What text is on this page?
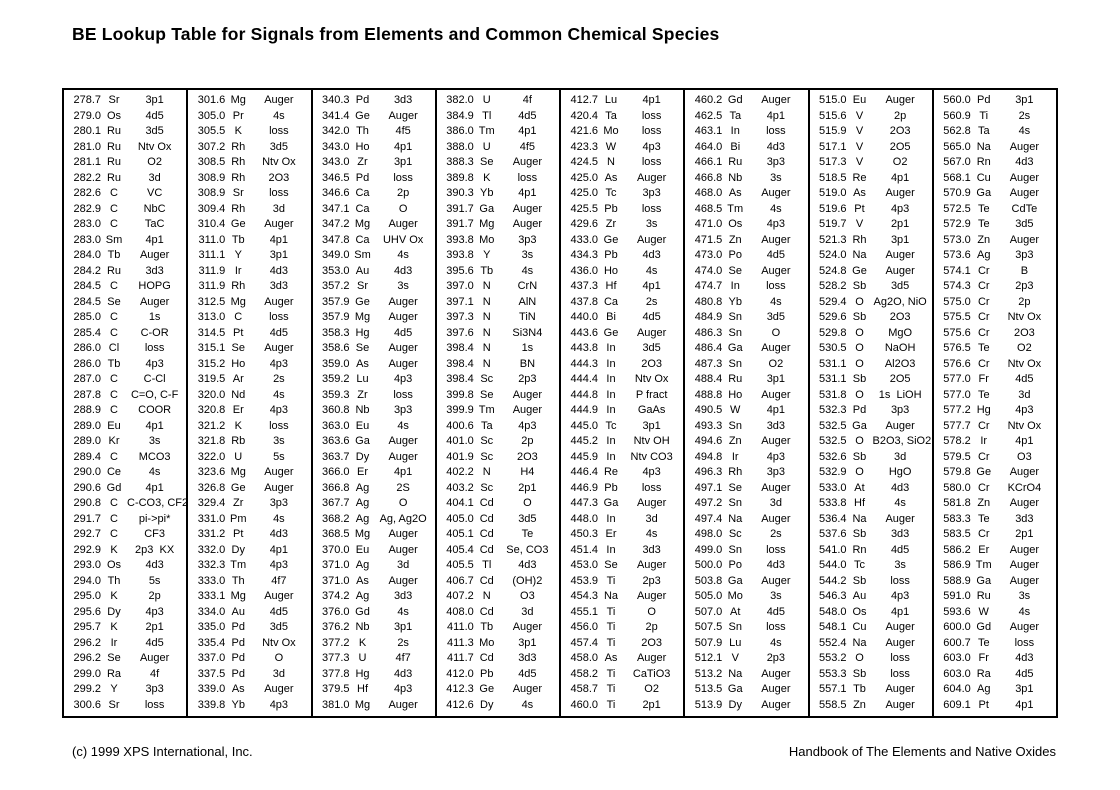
BE Lookup Table for Signals from Elements and Common Chemical Species
278.7 Sr	3p1
279.0 Os	4d5
280.1 Ru	3d5
281.0 Ru	Ntv Ox
281.1 Ru	O2
282.2 Ru	3d
282.6 C	VC
282.9 C	NbC
283.0 C	TaC
283.0 Sm	4p1
284.0 Tb	Auger
284.2 Ru	3d3
284.5 C	HOPG
284.5 Se	Auger
285.0 C	1s
285.4 C	C-OR
286.0 Cl	loss
286.0 Tb	4p3
287.0 C	C-Cl
287.8 C	C=O, C-F
288.9 C	COOR
289.0 Eu	4p1
289.0 Kr	3s
289.4 C	MCO3
290.0 Ce	4s
290.6 Gd	4p1
290.8 C C-CO3, CF2
291.7 C	pi->pi*
292.7 C	CF3
292.9 K	2p3  KX
293.0 Os	4d3
294.0 Th	5s
295.0 K	2p
295.6 Dy	4p3
295.7 K	2p1
296.2 Ir	4d5
296.2 Se	Auger
299.0 Ra	4f
299.2 Y	3p3
300.6 Sr	loss
301.6 Mg	Auger
305.0 Pr	4s
305.5 K	loss
307.2 Rh	3d5
308.5 Rh	Ntv Ox
308.9 Rh	2O3
308.9 Sr	loss
309.4 Rh	3d
310.4 Ge	Auger
311.0 Tb	4p1
311.1 Y	3p1
311.9 Ir	4d3
311.9 Rh	3d3
312.5 Mg	Auger
313.0 C	loss
314.5 Pt	4d5
315.1 Se	Auger
315.2 Ho	4p3
319.5 Ar	2s
320.0 Nd	4s
320.8 Er	4p3
321.2 K	loss
321.8 Rb	3s
322.0 U	5s
323.6 Mg	Auger
326.8 Ge	Auger
329.4 Zr	3p3
331.0 Pm	4s
331.2 Pt	4d3
332.0 Dy	4p1
332.3 Tm	4p3
333.0 Th	4f7
333.1 Mg	Auger
334.0 Au	4d5
335.0 Pd	3d5
335.4 Pd	Ntv Ox
337.0 Pd	O
337.5 Pd	3d
339.0 As	Auger
339.8 Yb	4p3
340.3 Pd	3d3
341.4 Ge	Auger
342.0 Th	4f5
343.0 Ho	4p1
343.0 Zr	3p1
346.5 Pd	loss
346.6 Ca	2p
347.1 Ca	O
347.2 Mg	Auger
347.8 Ca	UHV Ox
349.0 Sm	4s
353.0 Au	4d3
357.2 Sr	3s
357.9 Ge	Auger
357.9 Mg	Auger
358.3 Hg	4d5
358.6 Se	Auger
359.0 As	Auger
359.2 Lu	4p3
359.3 Zr	loss
360.8 Nb	3p3
363.0 Eu	4s
363.6 Ga	Auger
363.7 Dy	Auger
366.0 Er	4p1
366.8 Ag	2S
367.7 Ag	O
368.2 Ag Ag, Ag2O
368.5 Mg	Auger
370.0 Eu	Auger
371.0 Ag	3d
371.0 As	Auger
374.2 Ag	3d3
376.0 Gd	4s
376.2 Nb	3p1
377.2 K	2s
377.3 U	4f7
377.8 Hg	4d3
379.5 Hf	4p3
381.0 Mg	Auger
382.0 U	4f
384.9 Tl	4d5
386.0 Tm	4p1
388.0 U	4f5
388.3 Se	Auger
389.8 K	loss
390.3 Yb	4p1
391.7 Ga	Auger
391.7 Mg	Auger
393.8 Mo	3p3
393.8 Y	3s
395.6 Tb	4s
397.0 N	CrN
397.1 N	AlN
397.3 N	TiN
397.6 N	Si3N4
398.4 N	1s
398.4 N	BN
398.4 Sc	2p3
399.8 Se	Auger
399.9 Tm	Auger
400.6 Ta	4p3
401.0 Sc	2p
401.9 Sc	2O3
402.2 N	H4
403.2 Sc	2p1
404.1 Cd	O
405.0 Cd	3d5
405.1 Cd	Te
405.4 Cd	Se, CO3
405.5 Tl	4d3
406.7 Cd	(OH)2
407.2 N	O3
408.0 Cd	3d
411.0 Tb	Auger
411.3 Mo	3p1
411.7 Cd	3d3
412.0 Pb	4d5
412.3 Ge	Auger
412.6 Dy	4s
412.7 Lu	4p1
420.4 Ta	loss
421.6 Mo	loss
423.3 W	4p3
424.5 N	loss
425.0 As	Auger
425.0 Tc	3p3
425.5 Pb	loss
429.6 Zr	3s
433.0 Ge	Auger
434.3 Pb	4d3
436.0 Ho	4s
437.3 Hf	4p1
437.8 Ca	2s
440.0 Bi	4d5
443.6 Ge	Auger
443.8 In	3d5
444.3 In	2O3
444.4 In	Ntv Ox
444.8 In	P fract
444.9 In	GaAs
445.0 Tc	3p1
445.2 In	Ntv OH
445.9 In	Ntv CO3
446.4 Re	4p3
446.9 Pb	loss
447.3 Ga	Auger
448.0 In	3d
450.3 Er	4s
451.4 In	3d3
453.0 Se	Auger
453.9 Ti	2p3
454.3 Na	Auger
455.1 Ti	O
456.0 Ti	2p
457.4 Ti	2O3
458.0 As	Auger
458.2 Ti	CaTiO3
458.7 Ti	O2
460.0 Ti	2p1
460.2 Gd	Auger
462.5 Ta	4p1
463.1 In	loss
464.0 Bi	4d3
466.1 Ru	3p3
466.8 Nb	3s
468.0 As	Auger
468.5 Tm	4s
471.0 Os	4p3
471.5 Zn	Auger
473.0 Po	4d5
474.0 Se	Auger
474.7 In	loss
480.8 Yb	4s
484.9 Sn	3d5
486.3 Sn	O
486.4 Ga	Auger
487.3 Sn	O2
488.4 Ru	3p1
488.8 Ho	Auger
490.5 W	4p1
493.3 Sn	3d3
494.6 Zn	Auger
494.8 Ir	4p3
496.3 Rh	3p3
497.1 Se	Auger
497.2 Sn	3d
497.4 Na	Auger
498.0 Sc	2s
499.0 Sn	loss
500.0 Po	4d3
503.8 Ga	Auger
505.0 Mo	3s
507.0 At	4d5
507.5 Sn	loss
507.9 Lu	4s
512.1 V	2p3
513.2 Na	Auger
513.5 Ga	Auger
513.9 Dy	Auger
515.0 Eu	Auger
515.6 V	2p
515.9 V	2O3
517.1 V	2O5
517.3 V	O2
518.5 Re	4p1
519.0 As	Auger
519.6 Pt	4p3
519.7 V	2p1
521.3 Rh	3p1
524.0 Na	Auger
524.8 Ge	Auger
528.2 Sb	3d5
529.4 O Ag2O, NiO
529.6 Sb	2O3
529.8 O	MgO
530.5 O	NaOH
531.1 O	Al2O3
531.1 Sb	2O5
531.8 O	1s  LiOH
532.3 Pd	3p3
532.5 Ga	Auger
532.5 O B2O3, SiO2
532.6 Sb	3d
532.9 O	HgO
533.0 At	4d3
533.8 Hf	4s
536.4 Na	Auger
537.6 Sb	3d3
541.0 Rn	4d5
544.0 Tc	3s
544.2 Sb	loss
546.3 Au	4p3
548.0 Os	4p1
548.1 Cu	Auger
552.4 Na	Auger
553.2 O	loss
553.3 Sb	loss
557.1 Tb	Auger
558.5 Zn	Auger
560.0 Pd	3p1
560.9 Ti	2s
562.8 Ta	4s
565.0 Na	Auger
567.0 Rn	4d3
568.1 Cu	Auger
570.9 Ga	Auger
572.5 Te	CdTe
572.9 Te	3d5
573.0 Zn	Auger
573.6 Ag	3p3
574.1 Cr	B
574.3 Cr	2p3
575.0 Cr	2p
575.5 Cr	Ntv Ox
575.6 Cr	2O3
576.5 Te	O2
576.6 Cr	Ntv Ox
577.0 Fr	4d5
577.0 Te	3d
577.2 Hg	4p3
577.7 Cr	Ntv Ox
578.2 Ir	4p1
579.5 Cr	O3
579.8 Ge	Auger
580.0 Cr	KCrO4
581.8 Zn	Auger
583.3 Te	3d3
583.5 Cr	2p1
586.2 Er	Auger
586.9 Tm	Auger
588.9 Ga	Auger
591.0 Ru	3s
593.6 W	4s
600.0 Gd	Auger
600.7 Te	loss
603.0 Fr	4d3
603.0 Ra	4d5
604.0 Ag	3p1
609.1 Pt	4p1
(c) 1999 XPS International, Inc.	Handbook of The Elements and Native Oxides
